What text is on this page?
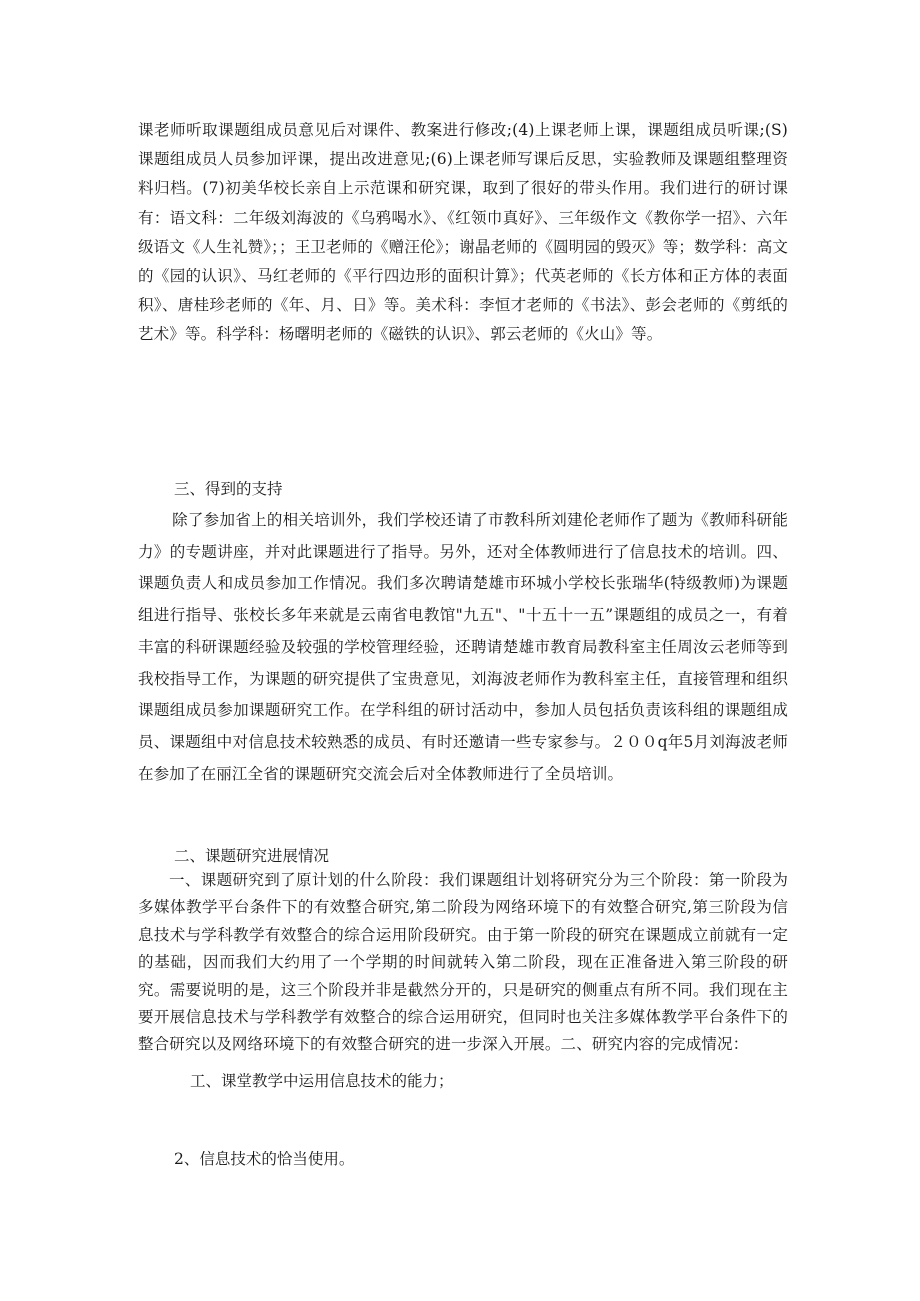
课老师听取课题组成员意见后对课件、教案进行修改;(4)上课老师上课，课题组成员听课;(S)课题组成员人员参加评课，提出改进意见;(6)上课老师写课后反思，实验教师及课题组整理资料归档。(7)初美华校长亲自上示范课和研究课，取到了很好的带头作用。我们进行的研讨课有：语文科：二年级刘海波的《乌鸦喝水》、《红领巾真好》、三年级作文《教你学一招》、六年级语文《人生礼赞》；；王卫老师的《赠汪伦》；谢晶老师的《圆明园的毁灭》等；数学科：高文的《园的认识》、马红老师的《平行四边形的面积计算》；代英老师的《长方体和正方体的表面积》、唐桂珍老师的《年、月、日》等。美术科：李恒才老师的《书法》、彭会老师的《剪纸的艺术》等。科学科：杨曙明老师的《磁铁的认识》、郭云老师的《火山》等。

三、得到的支持

除了参加省上的相关培训外，我们学校还请了市教科所刘建伦老师作了题为《教师科研能力》的专题讲座，并对此课题进行了指导。另外，还对全体教师进行了信息技术的培训。四、课题负责人和成员参加工作情况。我们多次聘请楚雄市环城小学校长张瑞华(特级教师)为课题组进行指导、张校长多年来就是云南省电教馆"九五"、"十五十一五”课题组的成员之一，有着丰富的科研课题经验及较强的学校管理经验，还聘请楚雄市教育局教科室主任周汝云老师等到我校指导工作，为课题的研究提供了宝贵意见，刘海波老师作为教科室主任，直接管理和组织课题组成员参加课题研究工作。在学科组的研讨活动中，参加人员包括负责该科组的课题组成员、课题组中对信息技术较熟悉的成员、有时还邀请一些专家参与。２００q年5月刘海波老师在参加了在丽江全省的课题研究交流会后对全体教师进行了全员培训。

二、课题研究进展情况

一、课题研究到了原计划的什么阶段：我们课题组计划将研究分为三个阶段：第一阶段为多媒体教学平台条件下的有效整合研究,第二阶段为网络环境下的有效整合研究,第三阶段为信息技术与学科教学有效整合的综合运用阶段研究。由于第一阶段的研究在课题成立前就有一定的基础，因而我们大约用了一个学期的时间就转入第二阶段，现在正准备进入第三阶段的研究。需要说明的是，这三个阶段并非是截然分开的，只是研究的侧重点有所不同。我们现在主要开展信息技术与学科教学有效整合的综合运用研究，但同时也关注多媒体教学平台条件下的整合研究以及网络环境下的有效整合研究的进一步深入开展。二、研究内容的完成情况：

工、课堂教学中运用信息技术的能力；

2、信息技术的恰当使用。
